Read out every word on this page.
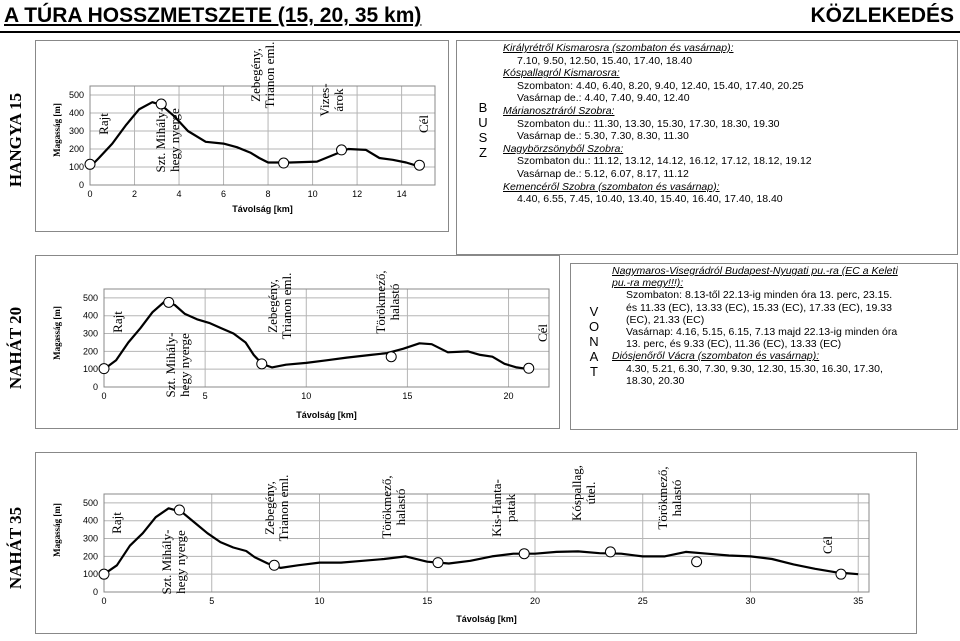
A TÚRA HOSSZMETSZETE (15, 20, 35 km)	KÖZLEKEDÉS
HANGYA 15	Magasság [m]
0
100
200
300
400
500
0	2	4	6	8	10	12	14
Távolság [km]
NAHÁT 20	Magasság [m]
0
100
200
300
400
500
0	5	10	15	20
Távolság [km]
NAHÁT 35	Magasság [m]
0
100
200
300
400
500
0	5	10	15	20	25	30	35
Távolság [km]
B
U
S
Z
Királyrétről Kismarosra (szombaton és vasárnap):
7.10, 9.50, 12.50, 15.40, 17.40, 18.40
Kóspallagról Kismarosra:
Szombaton: 4.40, 6.40, 8.20, 9.40, 12.40, 15.40, 17.40, 20.25
Vasárnap de.: 4.40, 7.40, 9.40, 12.40
Márianosztráról Szobra:
Szombaton du.: 11.30, 13.30, 15.30, 17.30, 18.30, 19.30
Vasárnap de.: 5.30, 7.30, 8.30, 11.30
Nagybörzsönyből Szobra:
Szombaton du.: 11.12, 13.12, 14.12, 16.12, 17.12, 18.12, 19.12
Vasárnap de.: 5.12, 6.07, 8.17, 11.12
Kemencéről Szobra (szombaton és vasárnap):
4.40, 6.55, 7.45, 10.40, 13.40, 15.40, 16.40, 17.40, 18.40
V
O
N
A
T
Nagymaros-Visegrádról Budapest-Nyugati pu.-ra (EC a Keleti
pu.-ra megy!!!):
Szombaton: 8.13-től 22.13-ig minden óra 13. perc, 23.15.
és 11.33 (EC), 13.33 (EC), 15.33 (EC), 17.33 (EC), 19.33
(EC), 21.33 (EC)
Vasárnap: 4.16, 5.15, 6.15, 7.13 majd 22.13-ig minden óra
13. perc, és 9.33 (EC), 11.36 (EC), 13.33 (EC)
Diósjenőről Vácra (szombaton és vasárnap):
4.30, 5.21, 6.30, 7.30, 9.30, 12.30, 15.30, 16.30, 17.30,
18.30, 20.30
Rajt	Szt. Mihály-
hegy nyerge
Zebegény,
Trianon eml.	Vizes-
árok
Cél
Rajt
Szt. Mihály-
hegy nyerge
Zebegény,
Trianon eml.	Törökmező,
halastó
Cél
Rajt
Szt. Mihály-
hegy nyerge
Zebegény,
Trianon eml.	Törökmező,
halastó	Kis-Hanta-
patak	Kóspallag,
útel.	Törökmező,
halastó
Cél
